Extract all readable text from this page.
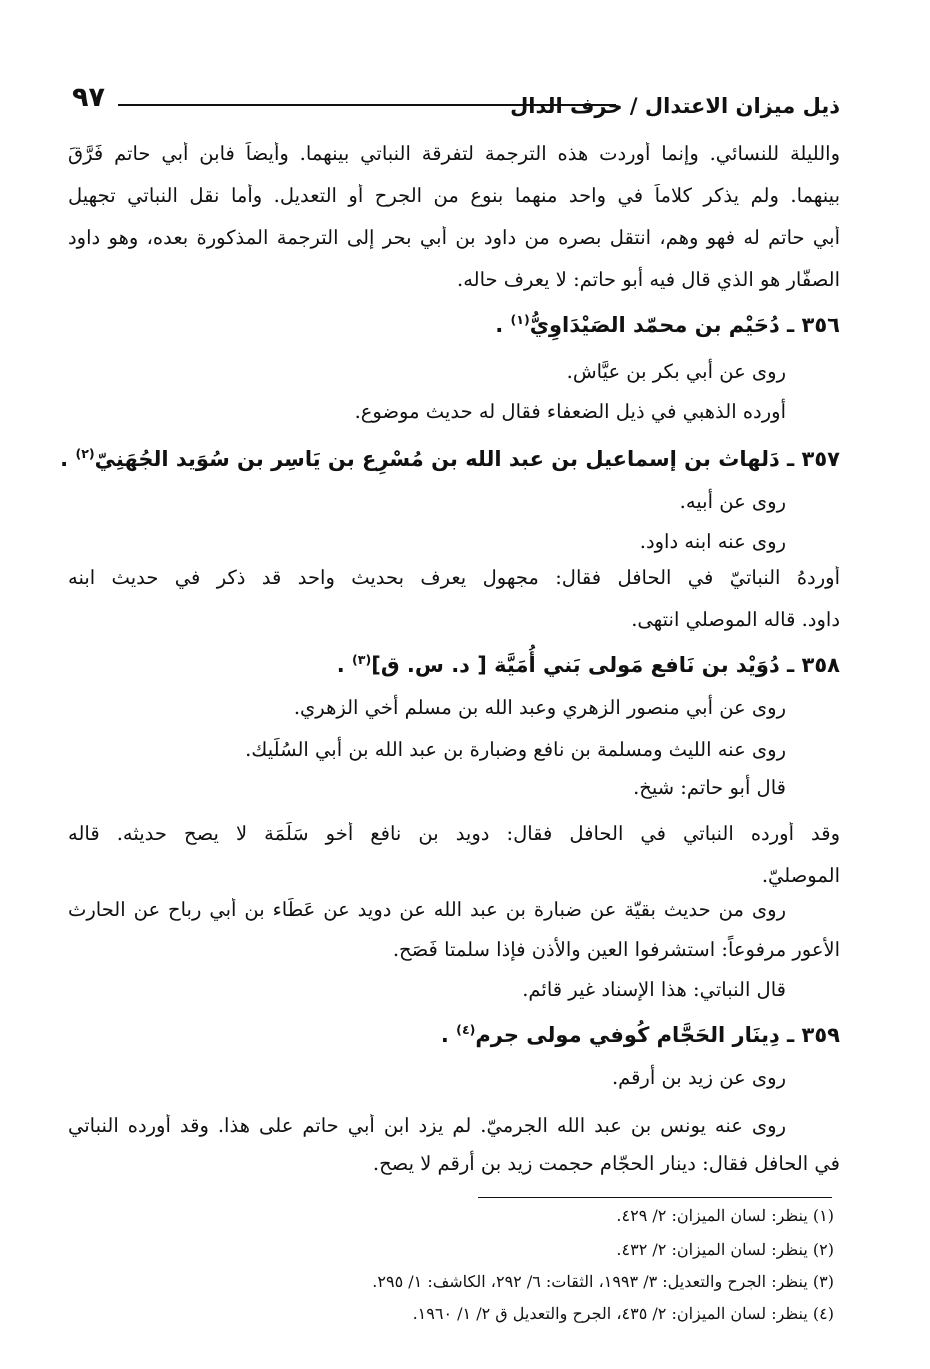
ذيل ميزان الاعتدال / حرف الدال
٩٧
والليلة للنسائي. وإنما أوردت هذه الترجمة لتفرقة النباتي بينهما. وأيضاً فابن أبي حاتم فَرَّقَ
بينهما. ولم يذكر كلاماً في واحد منهما بنوع من الجرح أو التعديل. وأما نقل النباتي تجهيل
أبي حاتم له فهو وهم، انتقل بصره من داود بن أبي بحر إلى الترجمة المذكورة بعده، وهو داود
الصفّار هو الذي قال فيه أبو حاتم: لا يعرف حاله.
٣٥٦ ـ دُحَيْم بن محمّد الصَيْدَاوِيُّ$^{(١)}$ .
روى عن أبي بكر بن عيَّاش.
أورده الذهبي في ذيل الضعفاء فقال له حديث موضوع.
٣٥٧ ـ دَلهاث بن إسماعيل بن عبد الله بن مُسْرِع بن يَاسِر بن سُوَيد الجُهَنِيّ$^{(٢)}$ .
روى عن أبيه.
روى عنه ابنه داود.
أوردهُ النباتيّ في الحافل فقال: مجهول يعرف بحديث واحد قد ذكر في حديث ابنه
داود. قاله الموصلي انتهى.
٣٥٨ ـ دُوَيْد بن نَافع مَولى بَني أُمَيَّة [ د. س. ق]$^{(٣)}$ .
روى عن أبي منصور الزهري وعبد الله بن مسلم أخي الزهري.
روى عنه الليث ومسلمة بن نافع وضبارة بن عبد الله بن أبي السُلَيك.
قال أبو حاتم: شيخ.
وقد أورده النباتي في الحافل فقال: دويد بن نافع أخو سَلَمَة لا يصح حديثه. قاله
الموصليّ.
روى من حديث بقيّة عن ضبارة بن عبد الله عن دويد عن عَطَاء بن أبي رباح عن الحارث
الأعور مرفوعاً: استشرفوا العين والأذن فإذا سلمتا فَصَح.
قال النباتي: هذا الإسناد غير قائم.
٣٥٩ ـ دِينَار الحَجَّام كُوفي مولى جرم$^{(٤)}$ .
روى عن زيد بن أرقم.
روى عنه يونس بن عبد الله الجرميّ. لم يزد ابن أبي حاتم على هذا. وقد أورده النباتي
في الحافل فقال: دينار الحجّام حجمت زيد بن أرقم لا يصح.
(١) ينظر: لسان الميزان: ٢/ ٤٢٩.
(٢) ينظر: لسان الميزان: ٢/ ٤٣٢.
(٣) ينظر: الجرح والتعديل: ٣/ ١٩٩٣، الثقات: ٦/ ٢٩٢، الكاشف: ١/ ٢٩٥.
(٤) ينظر: لسان الميزان: ٢/ ٤٣٥، الجرح والتعديل ق ٢/ ١/ ١٩٦٠.
